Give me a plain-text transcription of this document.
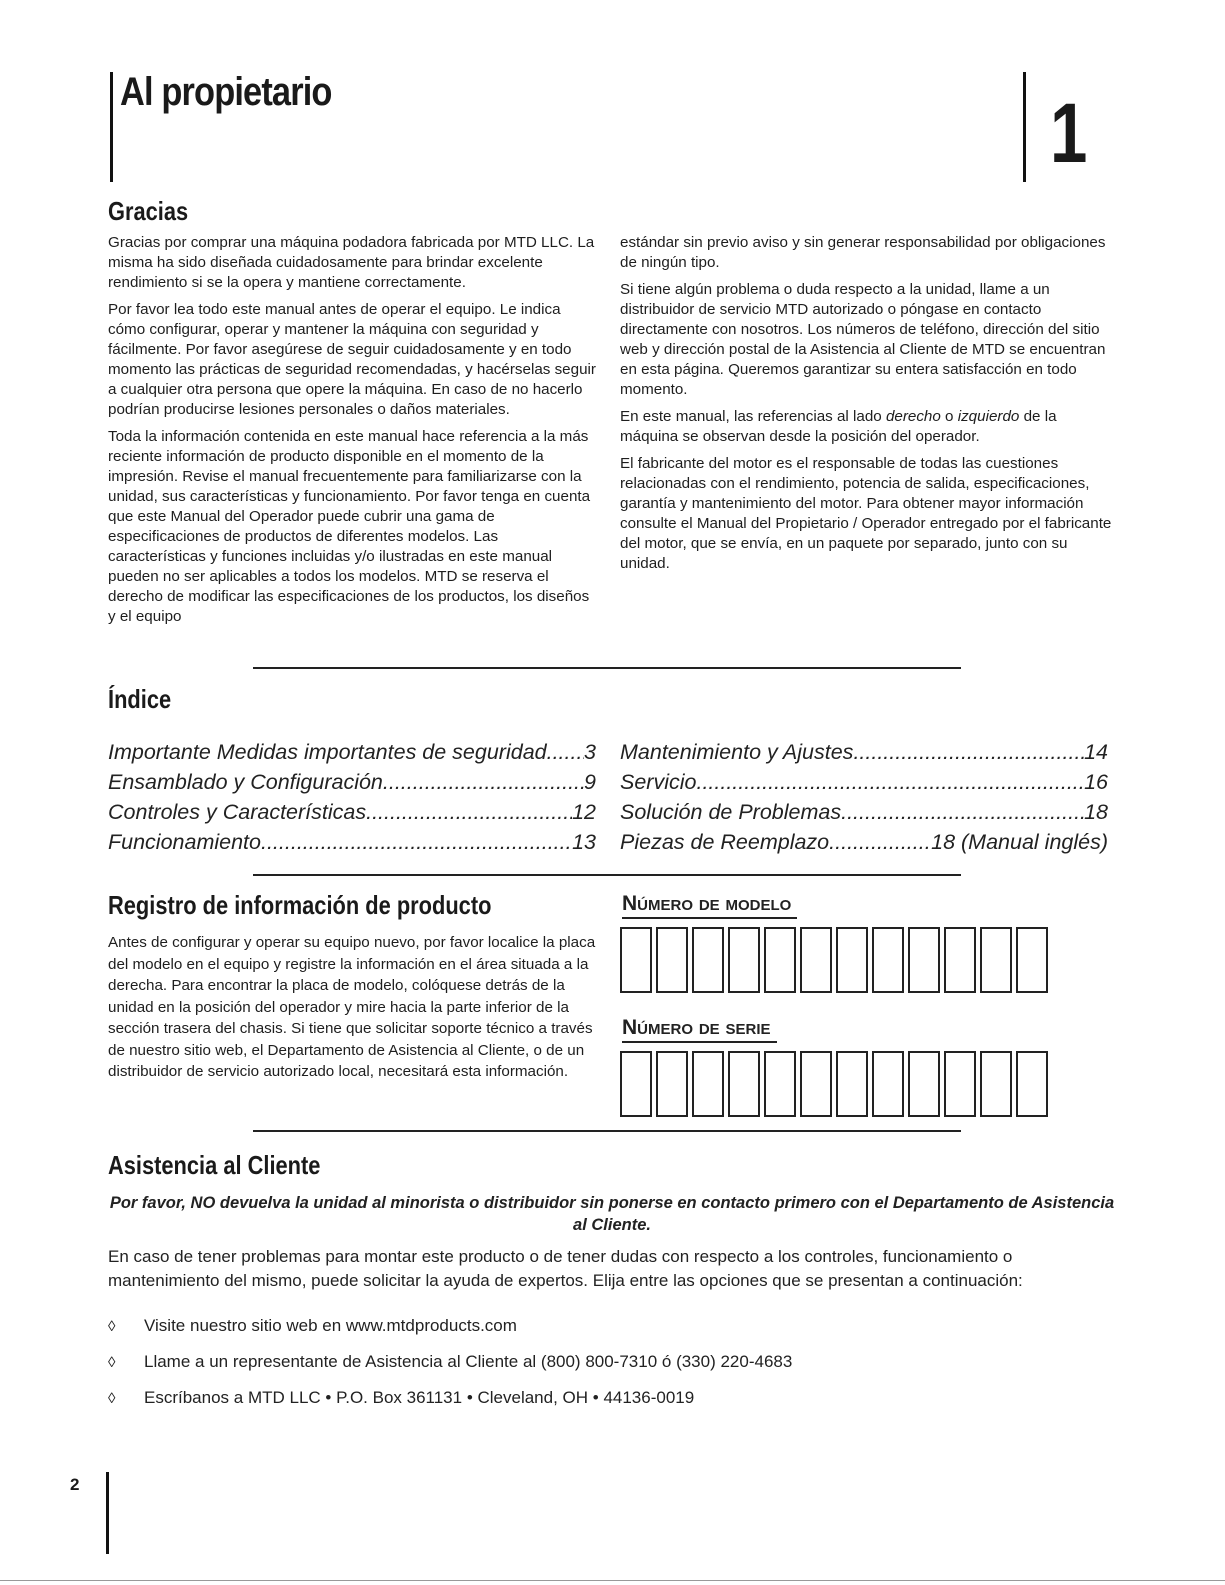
Al propietario	1
Gracias

Gracias por comprar una máquina podadora fabricada por MTD LLC. La misma ha sido diseñada cuidadosamente para brindar excelente rendimiento si se la opera y mantiene correctamente.

Por favor lea todo este manual antes de operar el equipo. Le indica cómo configurar, operar y mantener la máquina con seguridad y fácilmente. Por favor asegúrese de seguir cuidadosamente y en todo momento las prácticas de seguridad recomendadas, y hacérselas seguir a cualquier otra persona que opere la máquina. En caso de no hacerlo podrían producirse lesiones personales o daños materiales.

Toda la información contenida en este manual hace referencia a la más reciente información de producto disponible en el momento de la impresión. Revise el manual frecuentemente para familiarizarse con la unidad, sus características y funcionamiento. Por favor tenga en cuenta que este Manual del Operador puede cubrir una gama de especificaciones de productos de diferentes modelos. Las características y funciones incluidas y/o ilustradas en este manual pueden no ser aplicables a todos los modelos. MTD se reserva el derecho de modificar las especificaciones de los productos, los diseños y el equipo

estándar sin previo aviso y sin generar responsabilidad por obligaciones de ningún tipo.

Si tiene algún problema o duda respecto a la unidad, llame a un distribuidor de servicio MTD autorizado o póngase en contacto directamente con nosotros. Los números de teléfono, dirección del sitio web y dirección postal de la Asistencia al Cliente de MTD se encuentran en esta página. Queremos garantizar su entera satisfacción en todo momento.

En este manual, las referencias al lado derecho o izquierdo de la máquina se observan desde la posición del operador.

El fabricante del motor es el responsable de todas las cuestiones relacionadas con el rendimiento, potencia de salida, especificaciones, garantía y mantenimiento del motor. Para obtener mayor información consulte el Manual del Propietario / Operador entregado por el fabricante del motor, que se envía, en un paquete por separado, junto con su unidad.

Índice
Importante Medidas importantes de seguridad ..... 3
Ensamblado y Configuración .....	9
Controles y Características .....	12
Funcionamiento .....	13
Mantenimiento y Ajustes .....	14
Servicio .....	16
Solución de Problemas .....	18
Piezas de Reemplazo .....	18 (Manual inglés)
Registro de información de producto
Antes de configurar y operar su equipo nuevo, por favor localice la placa del modelo en el equipo y registre la información en el área situada a la derecha. Para encontrar la placa de modelo, colóquese detrás de la unidad en la posición del operador y mire hacia la parte inferior de la sección trasera del chasis. Si tiene que solicitar soporte técnico a través de nuestro sitio web, el Departamento de Asistencia al Cliente, o de un distribuidor de servicio autorizado local, necesitará esta información.
Número de modelo
Número de serie
Asistencia al Cliente
Por favor, NO devuelva la unidad al minorista o distribuidor sin ponerse en contacto primero con el Departamento de Asistencia al Cliente.
En caso de tener problemas para montar este producto o de tener dudas con respecto a los controles, funcionamiento o mantenimiento del mismo, puede solicitar la ayuda de expertos. Elija entre las opciones que se presentan a continuación:
◊	Visite nuestro sitio web en www.mtdproducts.com
◊	Llame a un representante de Asistencia al Cliente al (800) 800-7310 ó (330) 220-4683
◊	Escríbanos a MTD LLC • P.O. Box 361131 • Cleveland, OH • 44136-0019
2
